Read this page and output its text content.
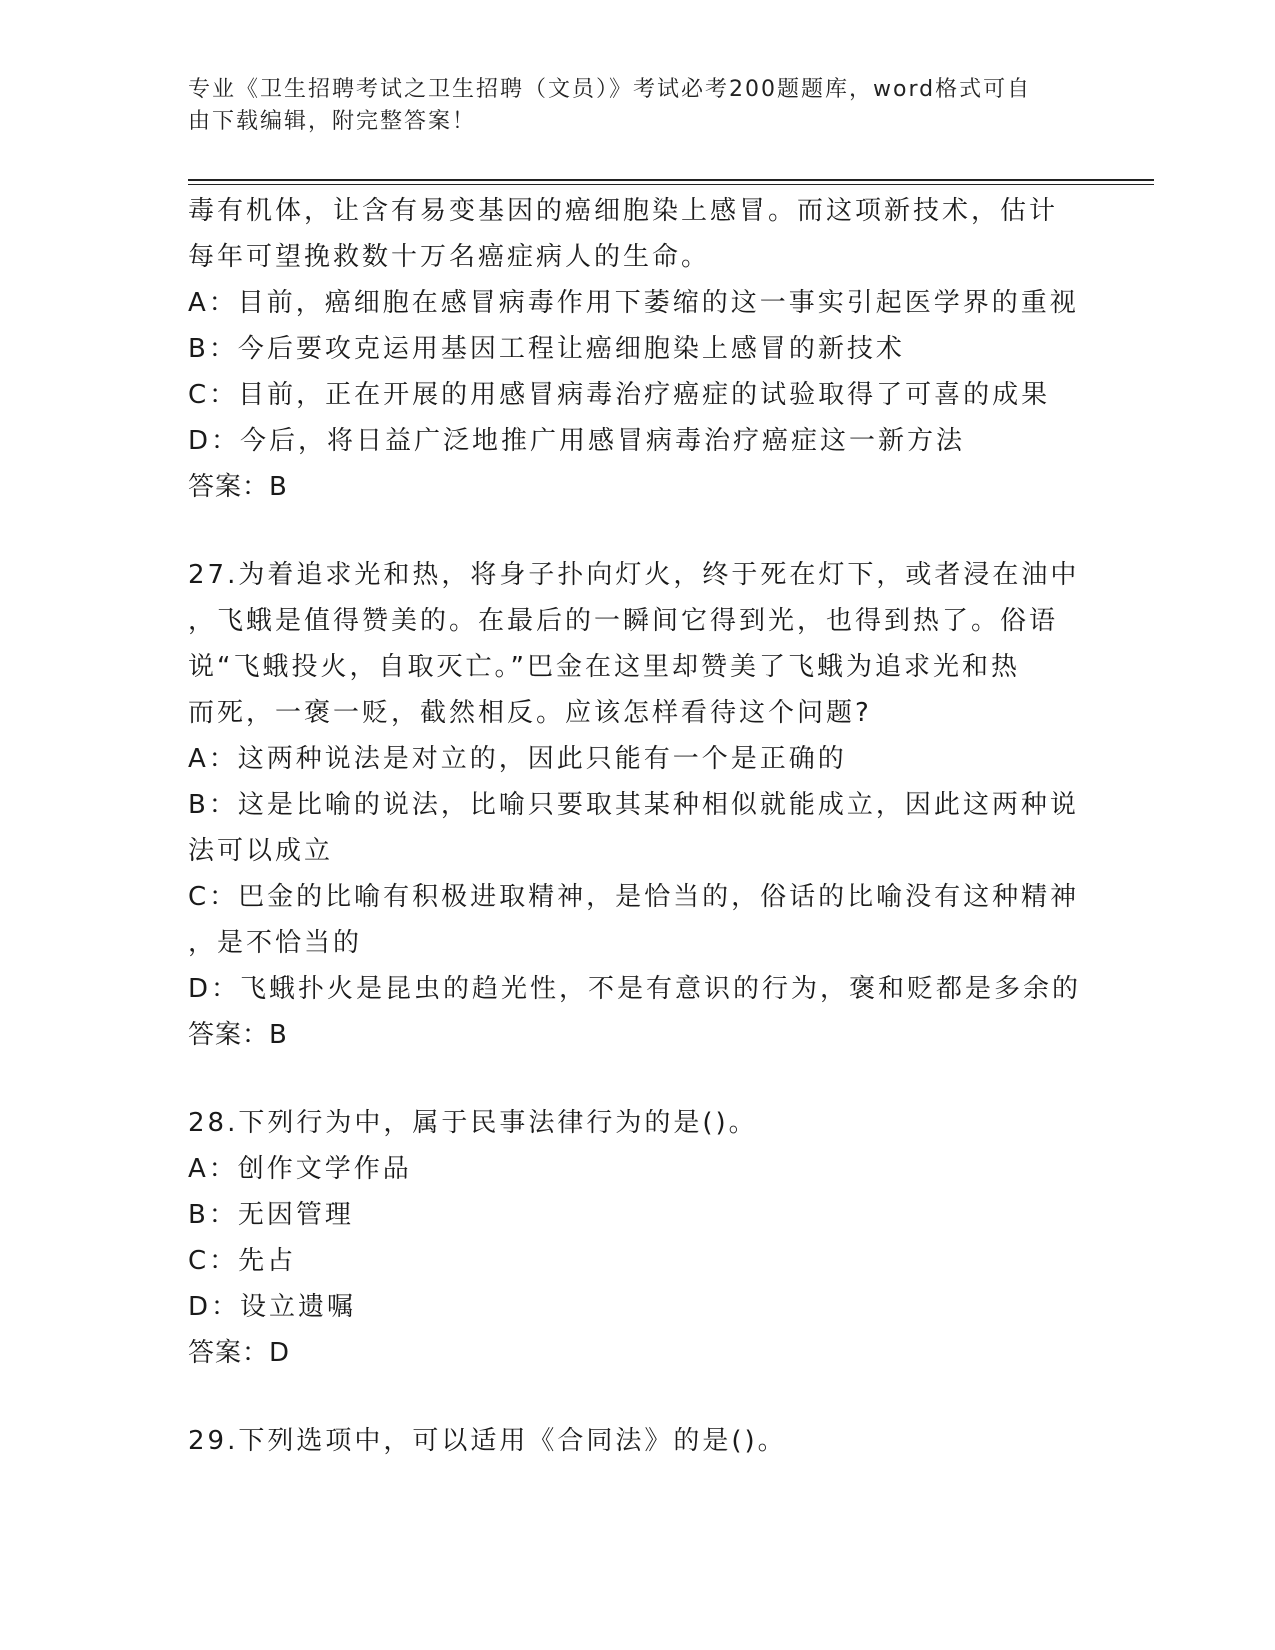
专业《卫生招聘考试之卫生招聘（文员）》考试必考200题题库，word格式可自
由下载编辑，附完整答案！
毒有机体，让含有易变基因的癌细胞染上感冒。而这项新技术，估计
每年可望挽救数十万名癌症病人的生命。
A：目前，癌细胞在感冒病毒作用下萎缩的这一事实引起医学界的重视
B：今后要攻克运用基因工程让癌细胞染上感冒的新技术
C：目前，正在开展的用感冒病毒治疗癌症的试验取得了可喜的成果
D：今后，将日益广泛地推广用感冒病毒治疗癌症这一新方法
答案：B
27.为着追求光和热，将身子扑向灯火，终于死在灯下，或者浸在油中
，飞蛾是值得赞美的。在最后的一瞬间它得到光，也得到热了。俗语
说“飞蛾投火，自取灭亡。”巴金在这里却赞美了飞蛾为追求光和热
而死，一褒一贬，截然相反。应该怎样看待这个问题?
A：这两种说法是对立的，因此只能有一个是正确的
B：这是比喻的说法，比喻只要取其某种相似就能成立，因此这两种说
法可以成立
C：巴金的比喻有积极进取精神，是恰当的，俗话的比喻没有这种精神
，是不恰当的
D：飞蛾扑火是昆虫的趋光性，不是有意识的行为，褒和贬都是多余的
答案：B
28.下列行为中，属于民事法律行为的是()。
A：创作文学作品
B：无因管理
C：先占
D：设立遗嘱
答案：D
29.下列选项中，可以适用《合同法》的是()。
